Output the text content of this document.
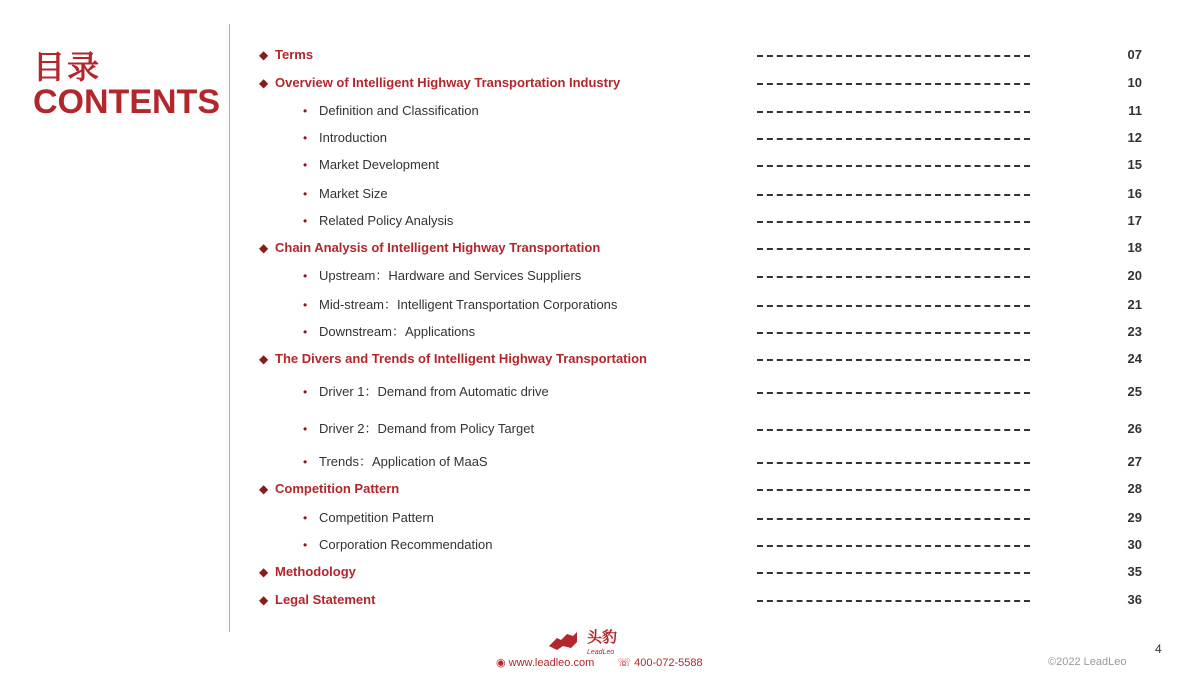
目录
CONTENTS
◆ Terms	07
◆ Overview of Intelligent Highway Transportation Industry	10
• Definition and Classification	11
• Introduction	12
• Market Development	15
• Market Size	16
• Related Policy Analysis	17
◆ Chain Analysis of Intelligent Highway Transportation	18
• Upstream：Hardware and Services Suppliers	20
• Mid-stream：Intelligent Transportation Corporations	21
• Downstream：Applications	23
◆ The Divers and Trends of Intelligent Highway Transportation	24
• Driver 1：Demand from Automatic drive	25
• Driver 2：Demand from Policy Target	26
• Trends：Application of MaaS	27
◆ Competition Pattern	28
• Competition Pattern	29
• Corporation Recommendation	30
◆ Methodology	35
◆ Legal Statement	36
头豹
LeadLeo
◉ www.leadleo.com ☏ 400-072-5588	©2022 LeadLeo
4
